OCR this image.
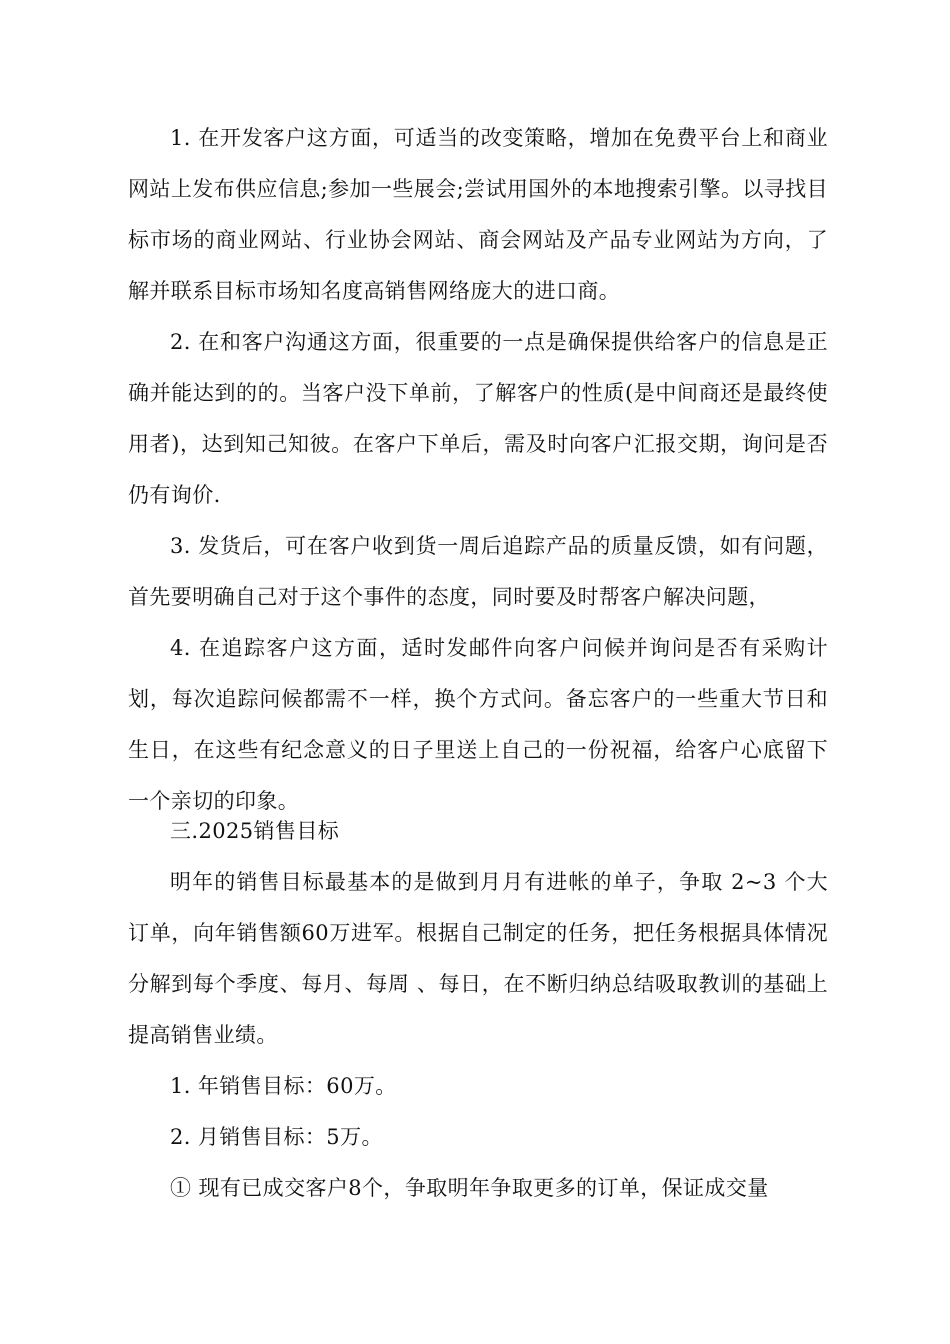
1. 在开发客户这方面，可适当的改变策略，增加在免费平台上和商业网站上发布供应信息;参加一些展会;尝试用国外的本地搜索引擎。以寻找目标市场的商业网站、行业协会网站、商会网站及产品专业网站为方向，了解并联系目标市场知名度高销售网络庞大的进口商。

2. 在和客户沟通这方面，很重要的一点是确保提供给客户的信息是正确并能达到的的。当客户没下单前，了解客户的性质(是中间商还是最终使用者)，达到知己知彼。在客户下单后，需及时向客户汇报交期，询问是否仍有询价.

3. 发货后，可在客户收到货一周后追踪产品的质量反馈，如有问题，首先要明确自己对于这个事件的态度，同时要及时帮客户解决问题，

4. 在追踪客户这方面，适时发邮件向客户问候并询问是否有采购计划，每次追踪问候都需不一样，换个方式问。备忘客户的一些重大节日和生日，在这些有纪念意义的日子里送上自己的一份祝福，给客户心底留下一个亲切的印象。

三.2025销售目标

明年的销售目标最基本的是做到月月有进帐的单子，争取 2~3 个大订单，向年销售额60万进军。根据自己制定的任务，把任务根据具体情况分解到每个季度、每月、每周 、每日，在不断归纳总结吸取教训的基础上提高销售业绩。

1. 年销售目标：60万。

2. 月销售目标：5万。

① 现有已成交客户8个，争取明年争取更多的订单，保证成交量
